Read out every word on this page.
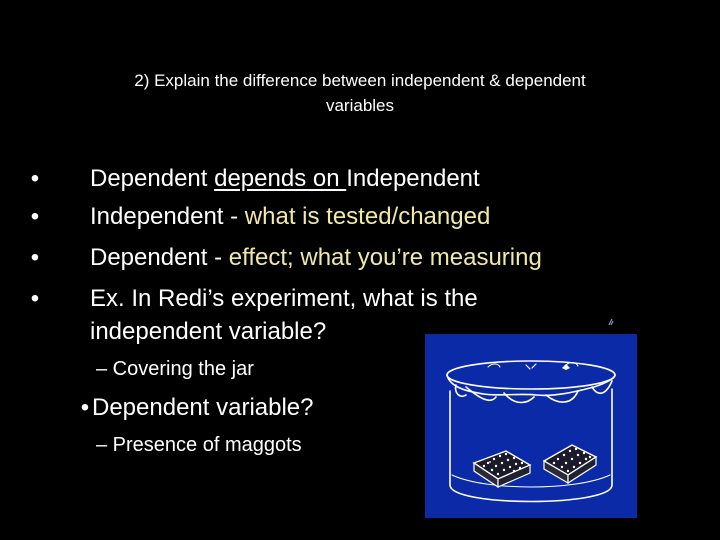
2) Explain the difference between independent & dependent
variables
• Dependent depends on Independent
• Independent - what is tested/changed
• Dependent - effect; what you’re measuring
• Ex. In Redi’s experiment, what is the
independent variable?
– Covering the jar
• Dependent variable?
– Presence of maggots
